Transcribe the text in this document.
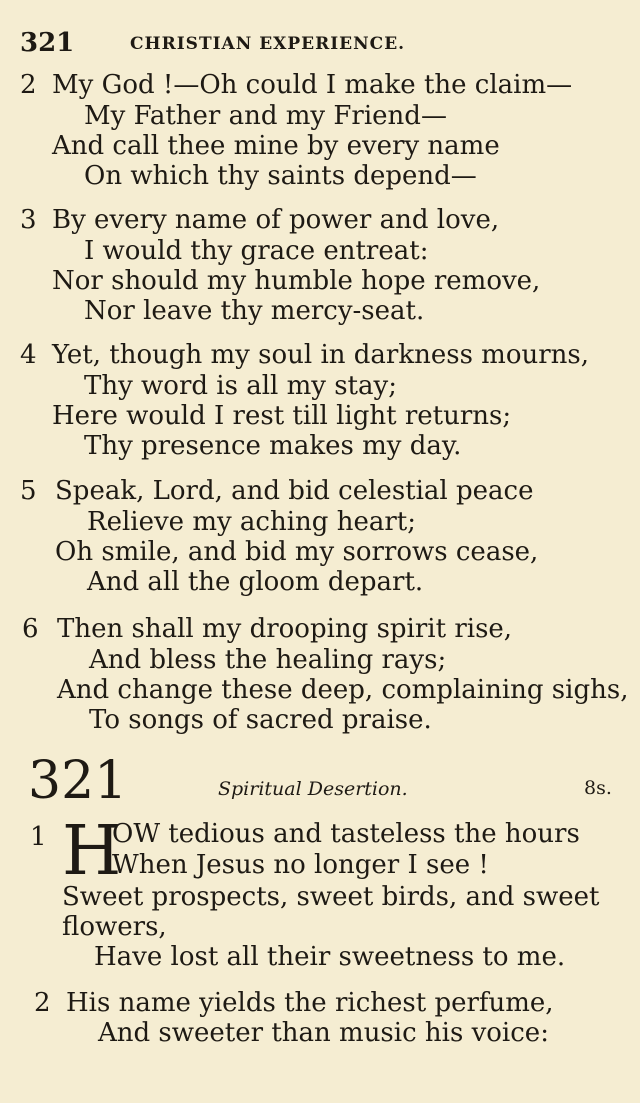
321	CHRISTIAN EXPERIENCE.
2 My God !—Oh could I make the claim—
My Father and my Friend—
And call thee mine by every name
On which thy saints depend—
3 By every name of power and love,
I would thy grace entreat:
Nor should my humble hope remove,
Nor leave thy mercy-seat.
4 Yet, though my soul in darkness mourns,
Thy word is all my stay;
Here would I rest till light returns;
Thy presence makes my day.
5 Speak, Lord, and bid celestial peace
Relieve my aching heart;
Oh smile, and bid my sorrows cease,
And all the gloom depart.
6 Then shall my drooping spirit rise,
And bless the healing rays;
And change these deep, complaining sighs,
To songs of sacred praise.
321	Spiritual Desertion.	8s.
1 H
OW tedious and tasteless the hours
When Jesus no longer I see !
Sweet prospects, sweet birds, and sweet
flowers,
Have lost all their sweetness to me.
2 His name yields the richest perfume,
And sweeter than music his voice:
